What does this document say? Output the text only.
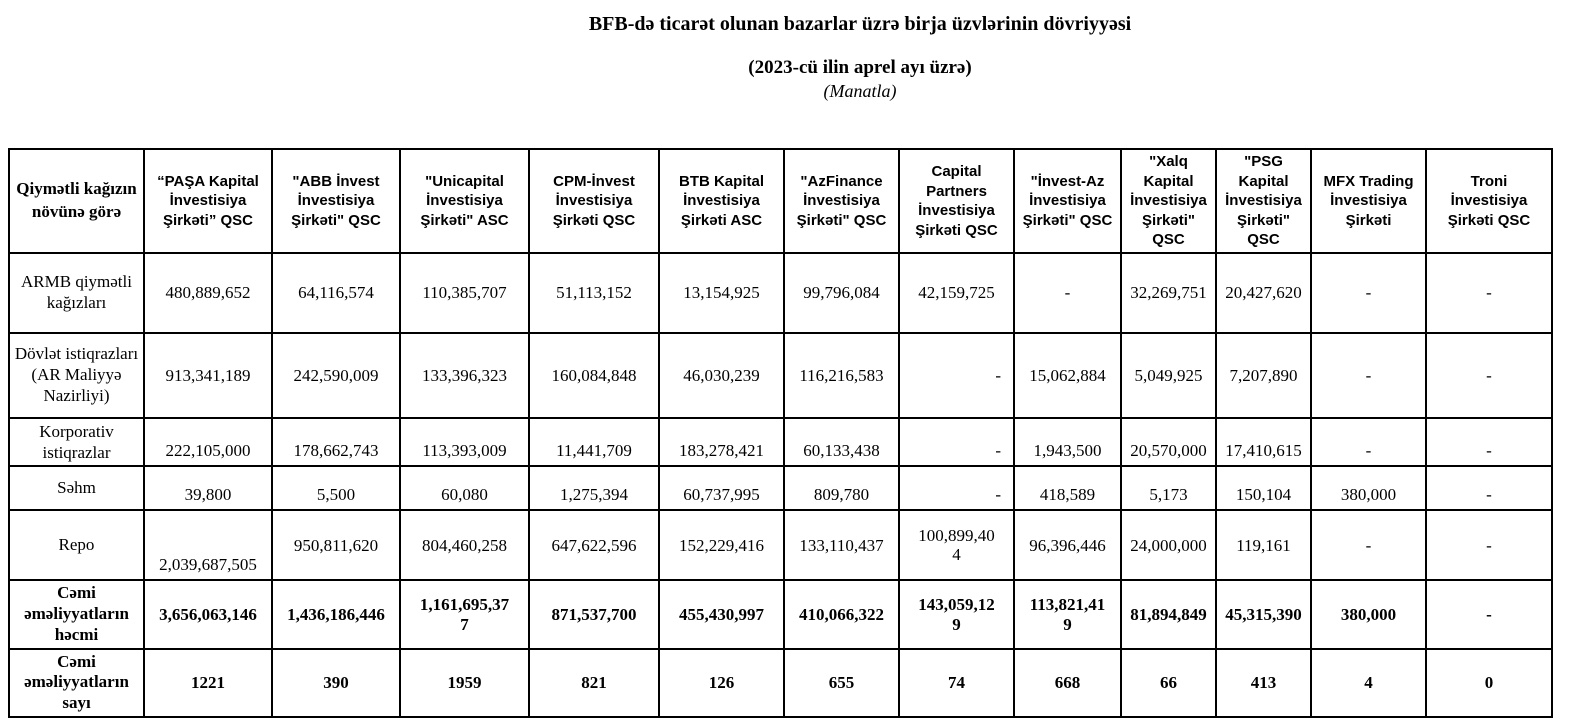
BFB-də ticarət olunan bazarlar üzrə birja üzvlərinin dövriyyəsi
(2023-cü ilin aprel ayı üzrə)
(Manatla)
Qiymətli kağızın növünə görə	“PAŞA Kapital İnvestisiya Şirkəti” QSC	"ABB İnvest İnvestisiya Şirkəti" QSC	"Unicapital İnvestisiya Şirkəti" ASC	CPM-İnvest İnvestisiya Şirkəti QSC	BTB Kapital İnvestisiya Şirkəti ASC	"AzFinance İnvestisiya Şirkəti" QSC	Capital Partners İnvestisiya Şirkəti QSC	"İnvest-Az İnvestisiya Şirkəti" QSC	"Xalq Kapital İnvestisiya Şirkəti" QSC	"PSG Kapital İnvestisiya Şirkəti" QSC	MFX Trading İnvestisiya Şirkəti	Troni İnvestisiya Şirkəti QSC
ARMB qiymətli kağızları	480,889,652	64,116,574	110,385,707	51,113,152	13,154,925	99,796,084	42,159,725	-	32,269,751	20,427,620	-	-
Dövlət istiqrazları (AR Maliyyə Nazirliyi)	913,341,189	242,590,009	133,396,323	160,084,848	46,030,239	116,216,583	-	15,062,884	5,049,925	7,207,890	-	-
Korporativ istiqrazlar	222,105,000	178,662,743	113,393,009	11,441,709	183,278,421	60,133,438	-	1,943,500	20,570,000	17,410,615	-	-
Səhm	39,800	5,500	60,080	1,275,394	60,737,995	809,780	-	418,589	5,173	150,104	380,000	-
Repo	2,039,687,505	950,811,620	804,460,258	647,622,596	152,229,416	133,110,437	100,899,404	96,396,446	24,000,000	119,161	-	-
Cəmi əməliyyatların həcmi	3,656,063,146	1,436,186,446	1,161,695,377	871,537,700	455,430,997	410,066,322	143,059,129	113,821,419	81,894,849	45,315,390	380,000	-
Cəmi əməliyyatların sayı	1221	390	1959	821	126	655	74	668	66	413	4	0
